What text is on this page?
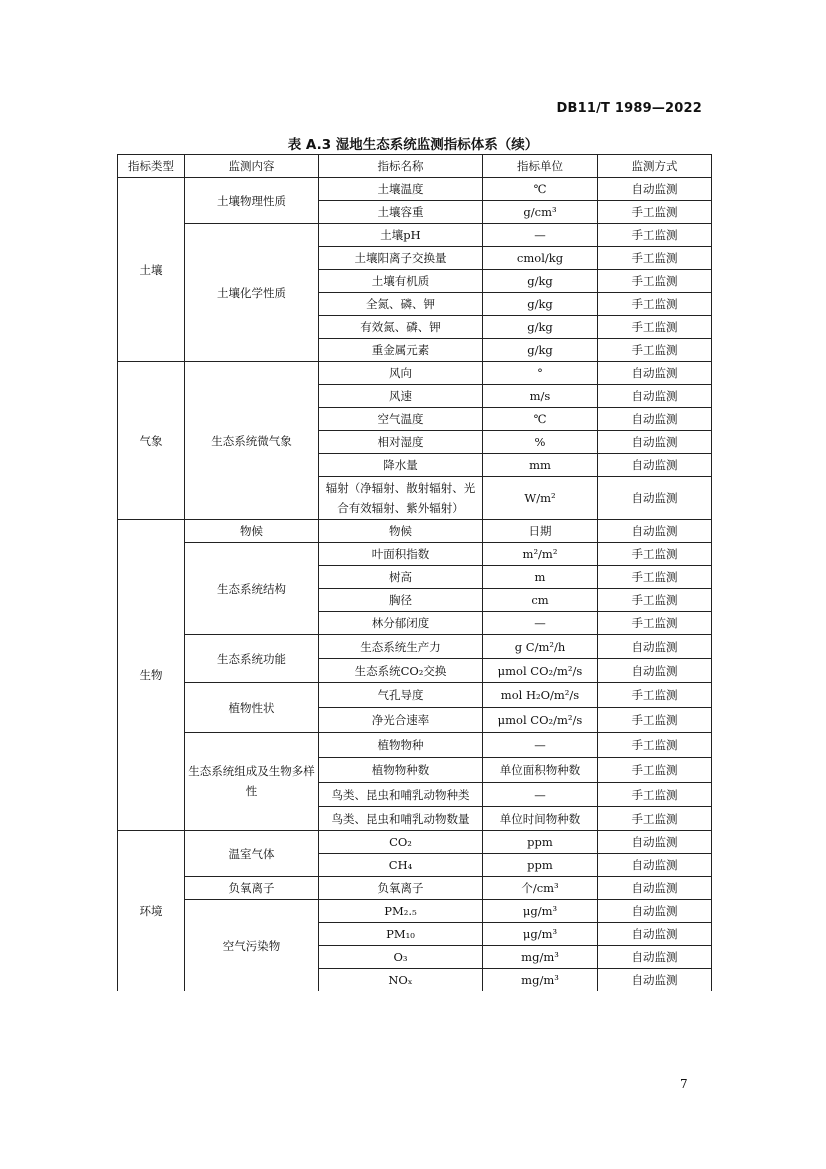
DB11/T 1989—2022
表 A.3 湿地生态系统监测指标体系（续）
指标类型	监测内容	指标名称	指标单位	监测方式
土壤	土壤物理性质	土壤温度	℃	自动监测
		土壤容重	g/cm³	手工监测
	土壤化学性质	土壤pH	—	手工监测
		土壤阳离子交换量	cmol/kg	手工监测
		土壤有机质	g/kg	手工监测
		全氮、磷、钾	g/kg	手工监测
		有效氮、磷、钾	g/kg	手工监测
		重金属元素	g/kg	手工监测
气象	生态系统微气象	风向	°	自动监测
		风速	m/s	自动监测
		空气温度	℃	自动监测
		相对湿度	%	自动监测
		降水量	mm	自动监测
		辐射（净辐射、散射辐射、光合有效辐射、紫外辐射）	W/m²	自动监测
生物	物候	物候	日期	自动监测
	生态系统结构	叶面积指数	m²/m²	手工监测
		树高	m	手工监测
		胸径	cm	手工监测
		林分郁闭度	—	手工监测
	生态系统功能	生态系统生产力	g C/m²/h	自动监测
		生态系统CO₂交换	μmol CO₂/m²/s	自动监测
	植物性状	气孔导度	mol H₂O/m²/s	手工监测
		净光合速率	μmol CO₂/m²/s	手工监测
	生态系统组成及生物多样性	植物物种	—	手工监测
		植物物种数	单位面积物种数	手工监测
		鸟类、昆虫和哺乳动物种类	—	手工监测
		鸟类、昆虫和哺乳动物数量	单位时间物种数	手工监测
环境	温室气体	CO₂	ppm	自动监测
		CH₄	ppm	自动监测
	负氧离子	负氧离子	个/cm³	自动监测
	空气污染物	PM₂.₅	μg/m³	自动监测
		PM₁₀	μg/m³	自动监测
		O₃	mg/m³	自动监测
		NOₓ	mg/m³	自动监测
7
